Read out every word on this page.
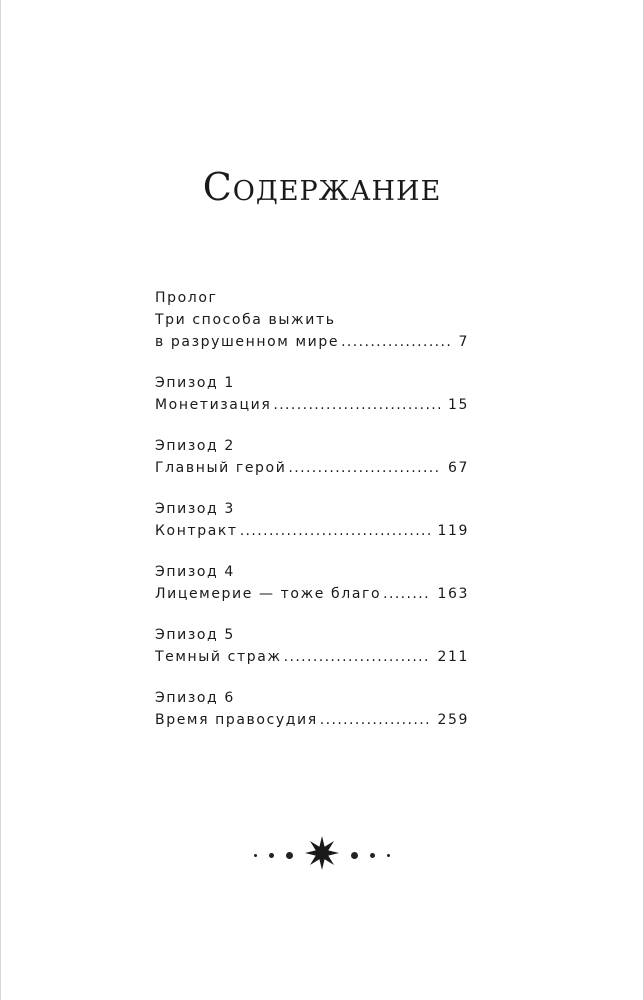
Содержание
Пролог
Три способа выжить
в разрушенном мире .....	7
Эпизод 1
Монетизация .....	15
Эпизод 2
Главный герой .....	67
Эпизод 3
Контракт .....	119
Эпизод 4
Лицемерие — тоже благо .....	163
Эпизод 5
Темный страж .....	211
Эпизод 6
Время правосудия .....	259
